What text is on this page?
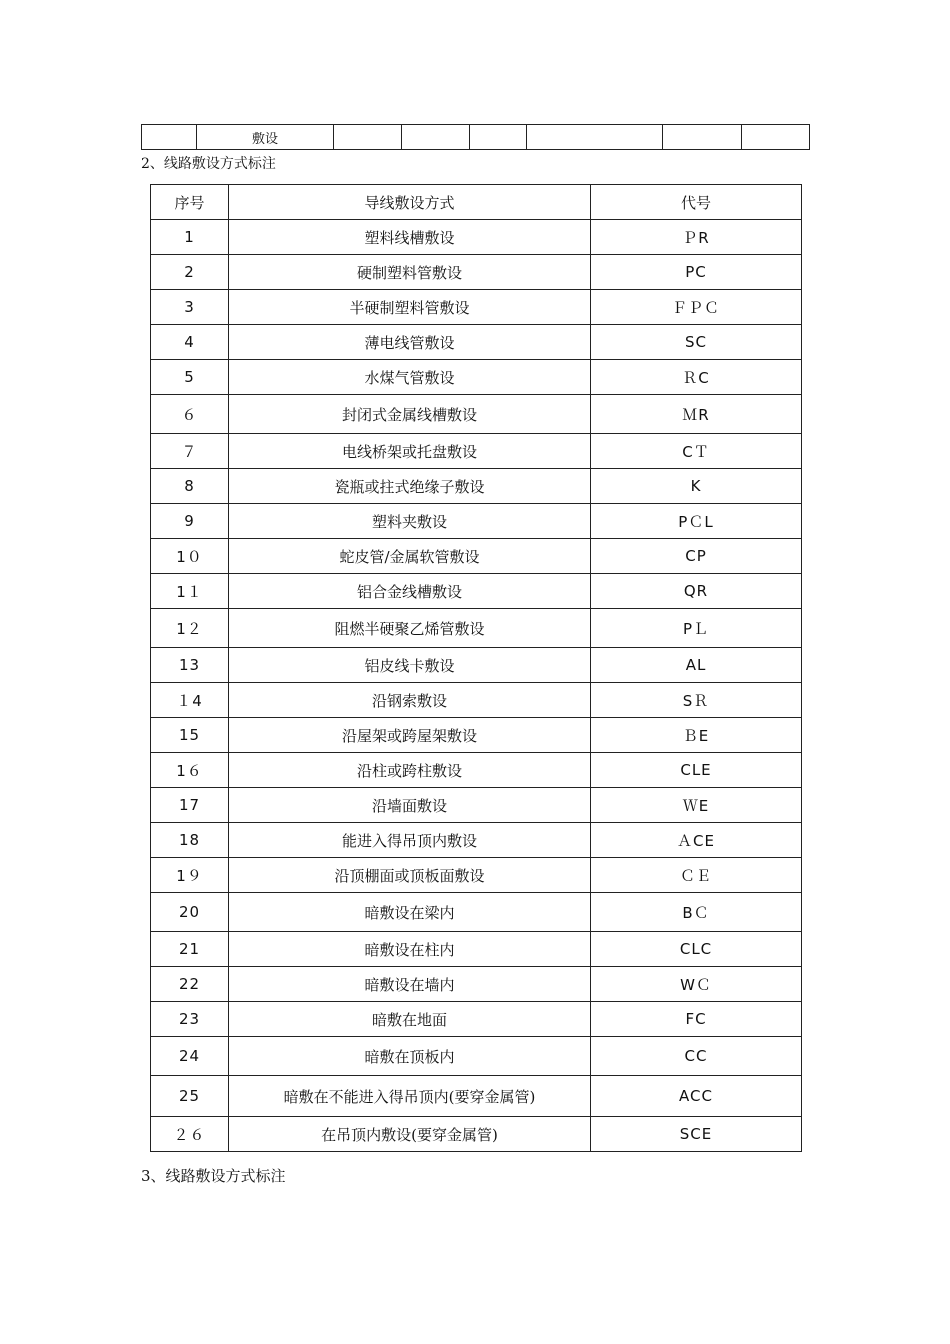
	敷设						
2、线路敷设方式标注
序号	导线敷设方式	代号
1	塑料线槽敷设	ＰR
2	硬制塑料管敷设	PC
3	半硬制塑料管敷设	ＦＰＣ
4	薄电线管敷设	SC
5	水煤气管敷设	ＲC
６	封闭式金属线槽敷设	ＭR
７	电线桥架或托盘敷设	CＴ
8	瓷瓶或拄式绝缘子敷设	K
9	塑料夹敷设	PＣL
1０	蛇皮管/金属软管敷设	CP
1１	铝合金线槽敷设	QR
1２	阻燃半硬聚乙烯管敷设	PＬ
13	铝皮线卡敷设	AL
１4	沿钢索敷设	SＲ
15	沿屋架或跨屋架敷设	ＢE
1６	沿柱或跨柱敷设	CLE
17	沿墙面敷设	ＷE
18	能进入得吊顶内敷设	ＡCE
1９	沿顶棚面或顶板面敷设	ＣＥ
20	暗敷设在梁内	BＣ
21	暗敷设在柱内	CLC
22	暗敷设在墙内	WＣ
23	暗敷在地面	FC
24	暗敷在顶板内	CC
25	暗敷在不能进入得吊顶内(要穿金属管)	ACC
２６	在吊顶内敷设(要穿金属管)	SCE
3、线路敷设方式标注
